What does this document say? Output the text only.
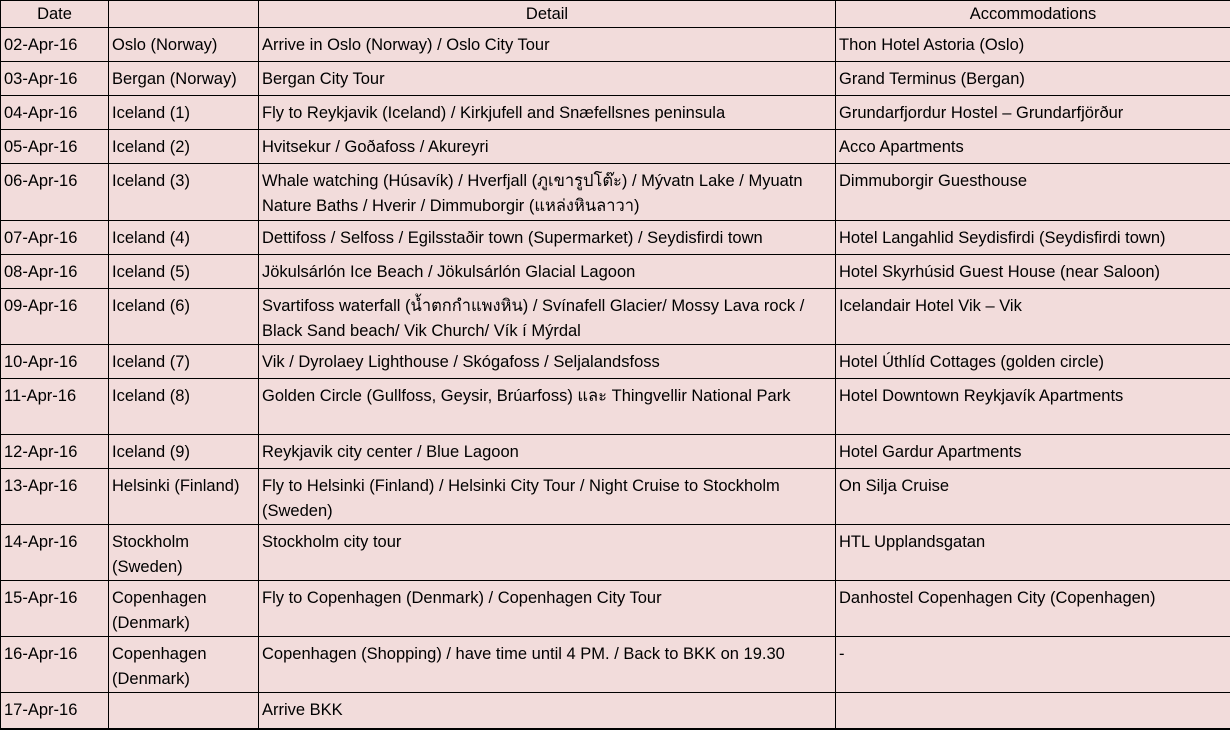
Date		Detail	Accommodations
02-Apr-16	Oslo (Norway)	Arrive in Oslo (Norway) / Oslo City Tour	Thon Hotel Astoria (Oslo)
03-Apr-16	Bergan (Norway)	Bergan City Tour	Grand Terminus (Bergan)
04-Apr-16	Iceland (1)	Fly to Reykjavik (Iceland) / Kirkjufell and Snæfellsnes peninsula	Grundarfjordur Hostel – Grundarfjörður
05-Apr-16	Iceland (2)	Hvitsekur / Goðafoss / Akureyri	Acco Apartments
06-Apr-16	Iceland (3)	Whale watching (Húsavík) / Hverfjall (ภูเขารูปโต๊ะ) / Mývatn Lake / Myuatn Nature Baths / Hverir / Dimmuborgir (แหล่งหินลาวา)	Dimmuborgir Guesthouse
07-Apr-16	Iceland (4)	Dettifoss / Selfoss / Egilsstaðir town (Supermarket) / Seydisfirdi town	Hotel Langahlid Seydisfirdi (Seydisfirdi town)
08-Apr-16	Iceland (5)	Jökulsárlón Ice Beach / Jökulsárlón Glacial Lagoon	Hotel Skyrhúsid Guest House (near Saloon)
09-Apr-16	Iceland (6)	Svartifoss waterfall (น้ำตกกำแพงหิน) / Svínafell Glacier/ Mossy Lava rock / Black Sand beach/ Vik Church/ Vík í Mýrdal	Icelandair Hotel Vik – Vik
10-Apr-16	Iceland (7)	Vik / Dyrolaey Lighthouse / Skógafoss / Seljalandsfoss	Hotel Úthlíd Cottages (golden circle)
11-Apr-16	Iceland (8)	Golden Circle (Gullfoss, Geysir, Brúarfoss) และ Thingvellir National Park	Hotel Downtown Reykjavík Apartments
12-Apr-16	Iceland (9)	Reykjavik city center / Blue Lagoon	Hotel Gardur Apartments
13-Apr-16	Helsinki (Finland)	Fly to Helsinki (Finland) / Helsinki City Tour / Night Cruise to Stockholm (Sweden)	On Silja Cruise
14-Apr-16	Stockholm (Sweden)	Stockholm city tour	HTL Upplandsgatan
15-Apr-16	Copenhagen (Denmark)	Fly to Copenhagen (Denmark) / Copenhagen City Tour	Danhostel Copenhagen City (Copenhagen)
16-Apr-16	Copenhagen (Denmark)	Copenhagen (Shopping) / have time until 4 PM. / Back to BKK on 19.30	-
17-Apr-16		Arrive BKK	
